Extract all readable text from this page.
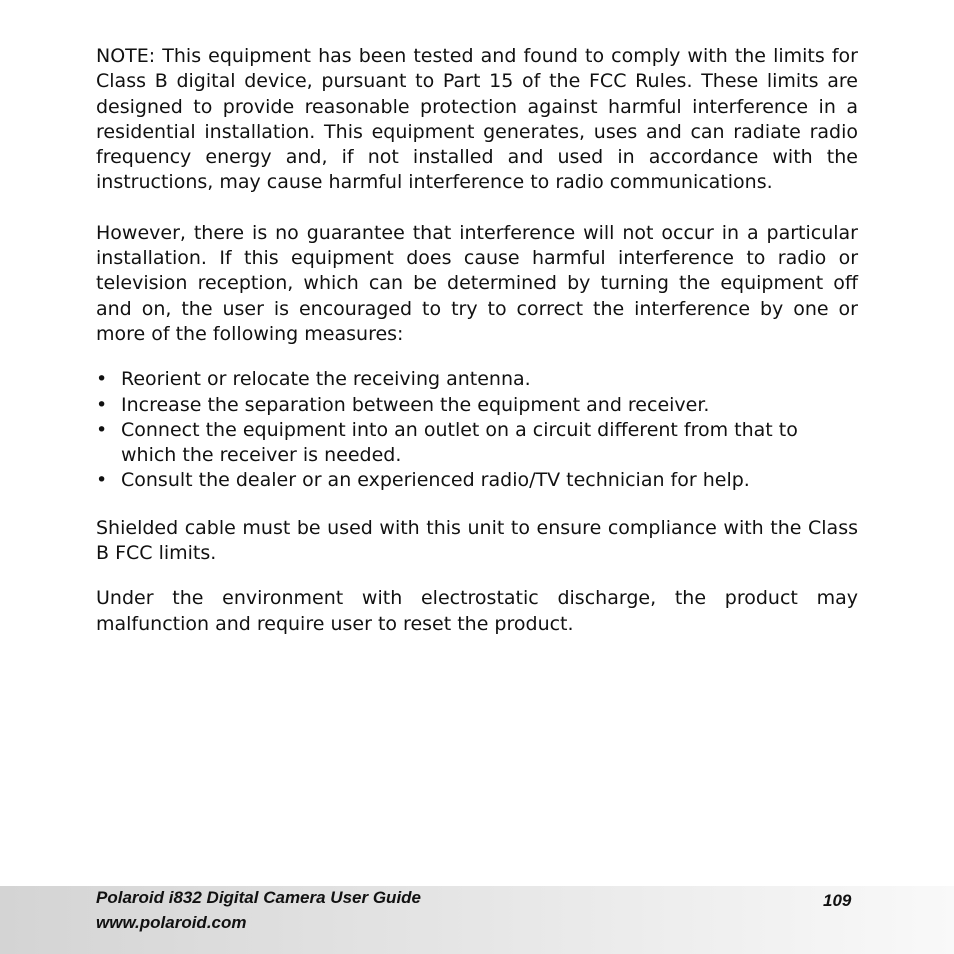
NOTE: This equipment has been tested and found to comply with the limits for Class B digital device, pursuant to Part 15 of the FCC Rules. These limits are designed to provide reasonable protection against harmful interference in a residential installation. This equipment generates, uses and can radiate radio frequency energy and, if not installed and used in accordance with the instructions, may cause harmful interference to radio communications.

However, there is no guarantee that interference will not occur in a particular installation. If this equipment does cause harmful interference to radio or television reception, which can be determined by turning the equipment off and on, the user is encouraged to try to correct the interference by one or more of the following measures:

• Reorient or relocate the receiving antenna.
• Increase the separation between the equipment and receiver.
• Connect the equipment into an outlet on a circuit different from that to which the receiver is needed.
• Consult the dealer or an experienced radio/TV technician for help.

Shielded cable must be used with this unit to ensure compliance with the Class B FCC limits.

Under the environment with electrostatic discharge, the product may malfunction and require user to reset the product.

Polaroid i832 Digital Camera User Guide
www.polaroid.com
109
